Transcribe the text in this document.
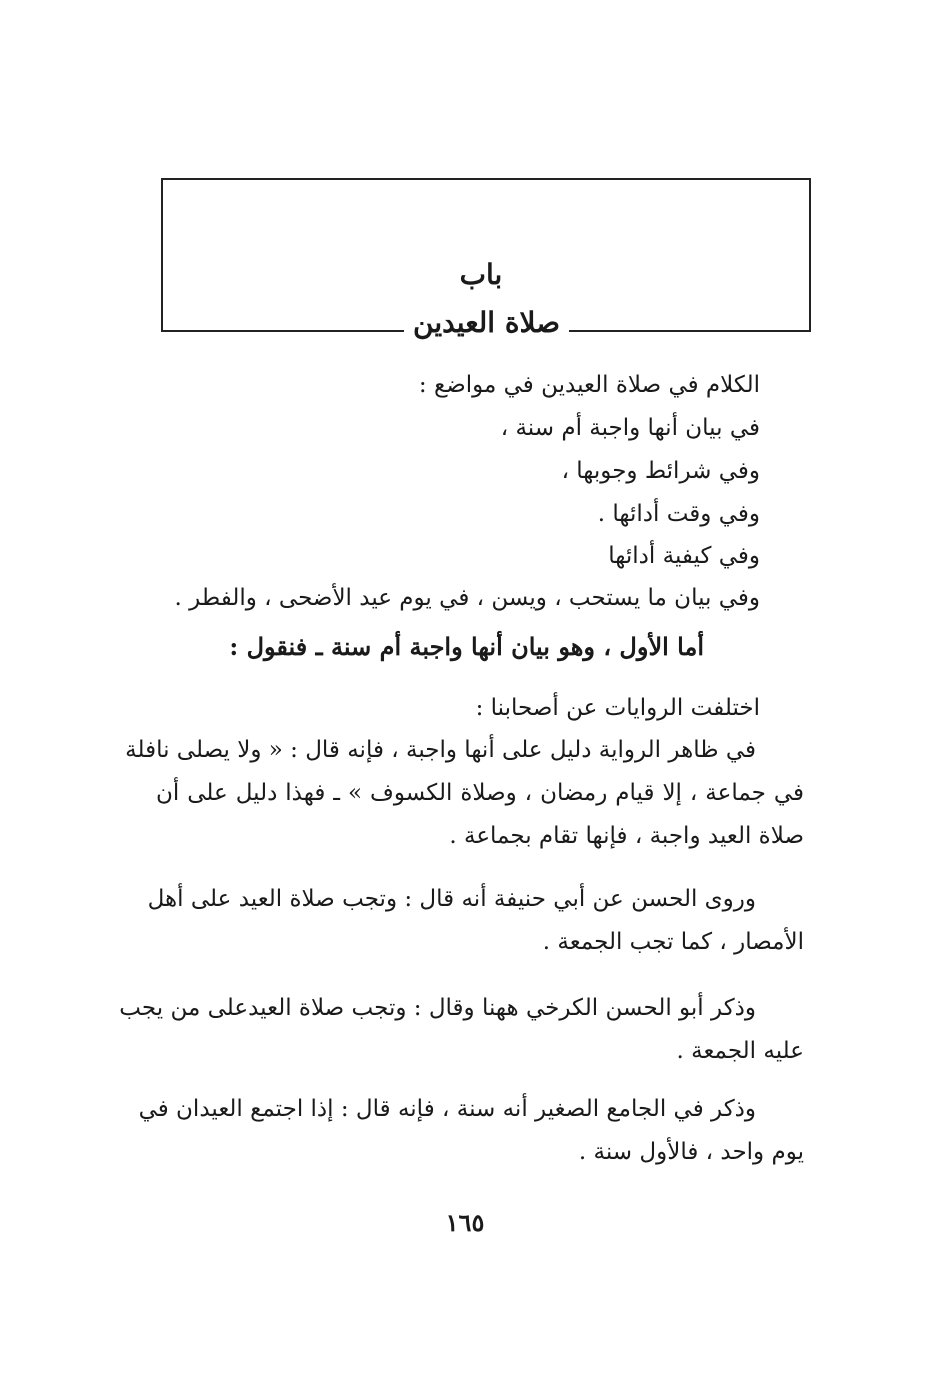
باب
صلاة العيدين
الكلام في صلاة العيدين في مواضع :
في بيان أنها واجبة أم سنة ،
وفي شرائط وجوبها ،
وفي وقت أدائها .
وفي كيفية أدائها
وفي بيان ما يستحب ، ويسن ، في يوم عيد الأضحى ، والفطر .
أما الأول ، وهو بيان أنها واجبة أم سنة ـ فنقول :
اختلفت الروايات عن أصحابنا :
في ظاهر الرواية دليل على أنها واجبة ، فإنه قال : « ولا يصلى نافلة
في جماعة ، إلا قيام رمضان ، وصلاة الكسوف » ـ فهذا دليل على أن
صلاة العيد واجبة ، فإنها تقام بجماعة .
وروى الحسن عن أبي حنيفة أنه قال : وتجب صلاة العيد على أهل
الأمصار ، كما تجب الجمعة .
وذكر أبو الحسن الكرخي ههنا وقال : وتجب صلاة العيدعلى من يجب
عليه الجمعة .
وذكر في الجامع الصغير أنه سنة ، فإنه قال : إذا اجتمع العيدان في
يوم واحد ، فالأول سنة .
١٦٥
